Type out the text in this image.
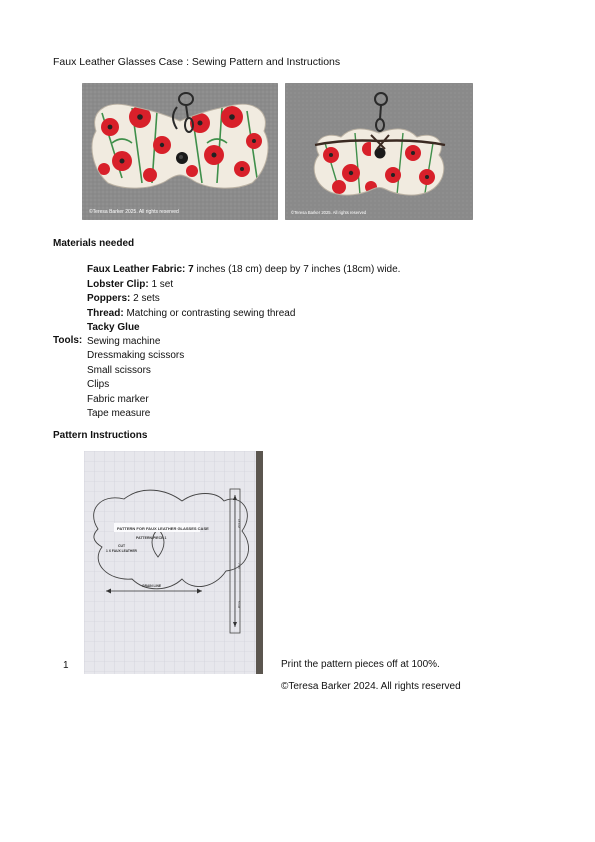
Faux Leather Glasses Case : Sewing Pattern and Instructions
©Teresa Barker 2025. All rights reserved	©Teresa Barker 2025. All rights reserved
Materials needed
Faux Leather Fabric: 7 inches (18 cm) deep by 7 inches (18cm) wide.
Lobster Clip: 1 set
Poppers: 2 sets
Thread: Matching or contrasting sewing thread
Tacky Glue
Tools: Sewing machine
Dressmaking scissors
Small scissors
Clips
Fabric marker
Tape measure
Pattern Instructions
PATTERN FOR FAUX LEATHER GLASSES CASE
PATTERN PIECE 1
CUT
1 X FAUX LEATHER
GRAIN LINE
18 CM
7 IN
5 CM
1	Print the pattern pieces off at 100%.
©Teresa Barker 2024. All rights reserved
